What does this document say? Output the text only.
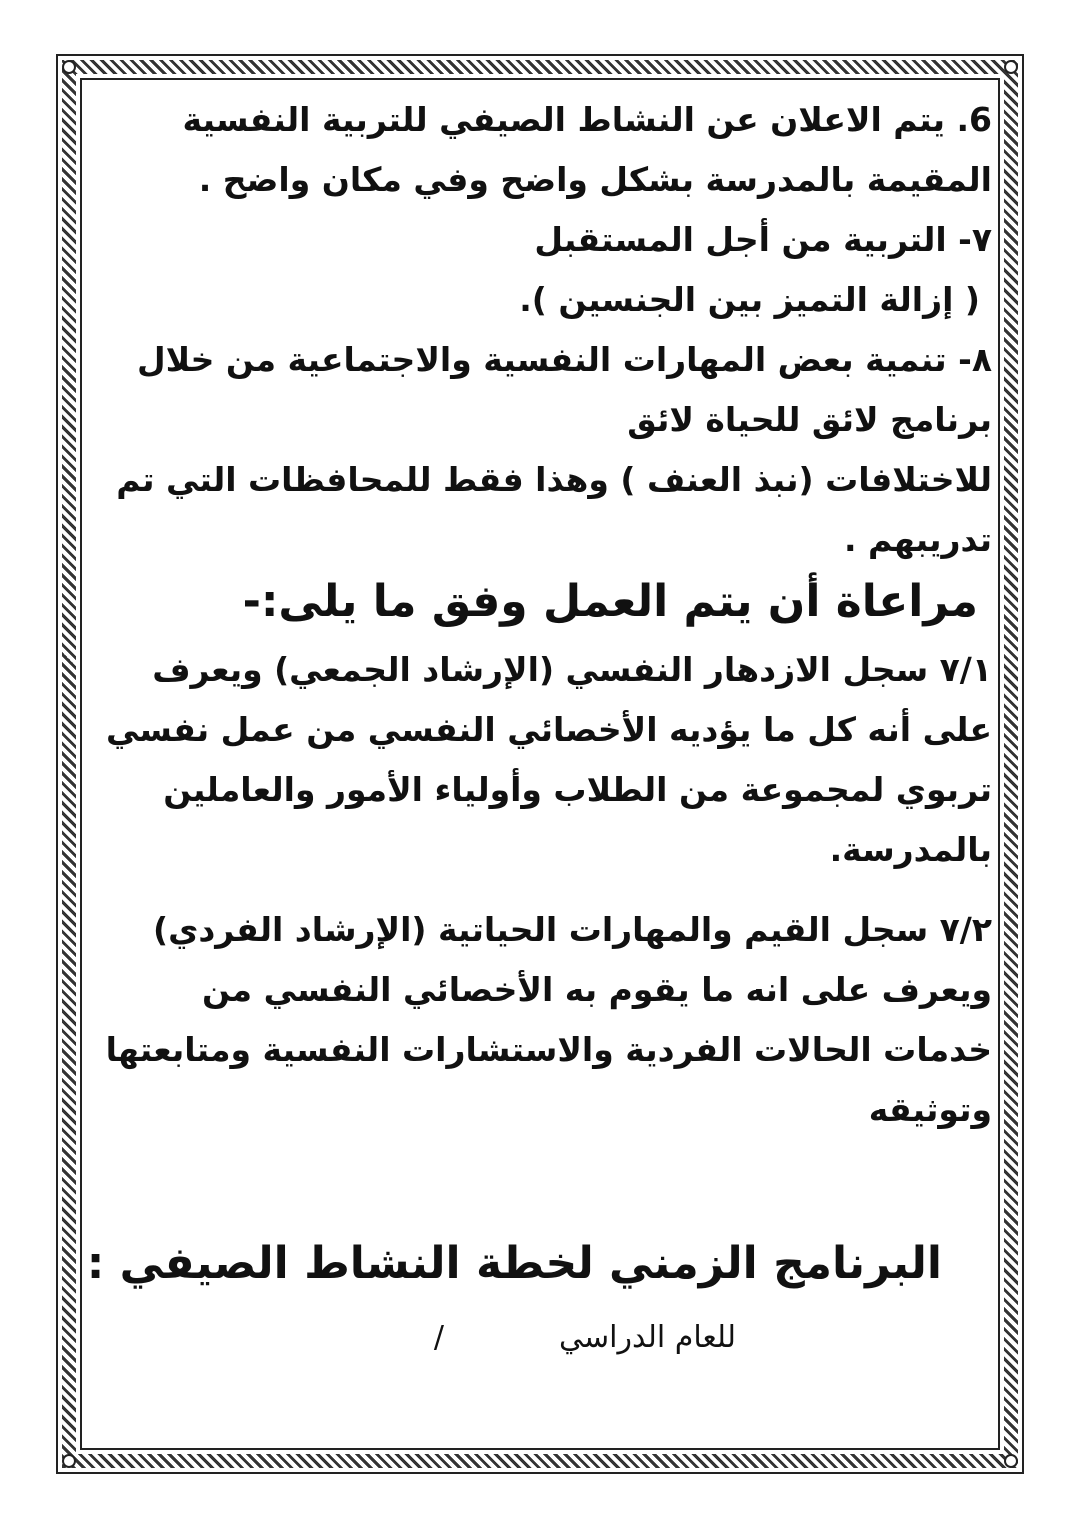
6. يتم الاعلان عن النشاط الصيفي للتربية النفسية
المقيمة بالمدرسة بشكل واضح وفي مكان واضح .
٧- التربية من أجل المستقبل
( إزالة التميز بين الجنسين ).
٨- تنمية بعض المهارات النفسية والاجتماعية من خلال
برنامج لائق للحياة لائق
للاختلافات (نبذ العنف ) وهذا فقط للمحافظات التي تم
تدريبهم .
مراعاة أن يتم العمل وفق ما يلى:-
٧/١ سجل الازدهار النفسي (الإرشاد الجمعي) ويعرف
على أنه كل ما يؤديه الأخصائي النفسي من عمل نفسي
تربوي لمجموعة من الطلاب وأولياء الأمور والعاملين
بالمدرسة.
٧/٢ سجل القيم والمهارات الحياتية (الإرشاد الفردي)
ويعرف على انه ما يقوم به الأخصائي النفسي من
خدمات الحالات الفردية والاستشارات النفسية ومتابعتها
وتوثيقه
البرنامج الزمني لخطة النشاط الصيفي :
للعام الدراسي
/
